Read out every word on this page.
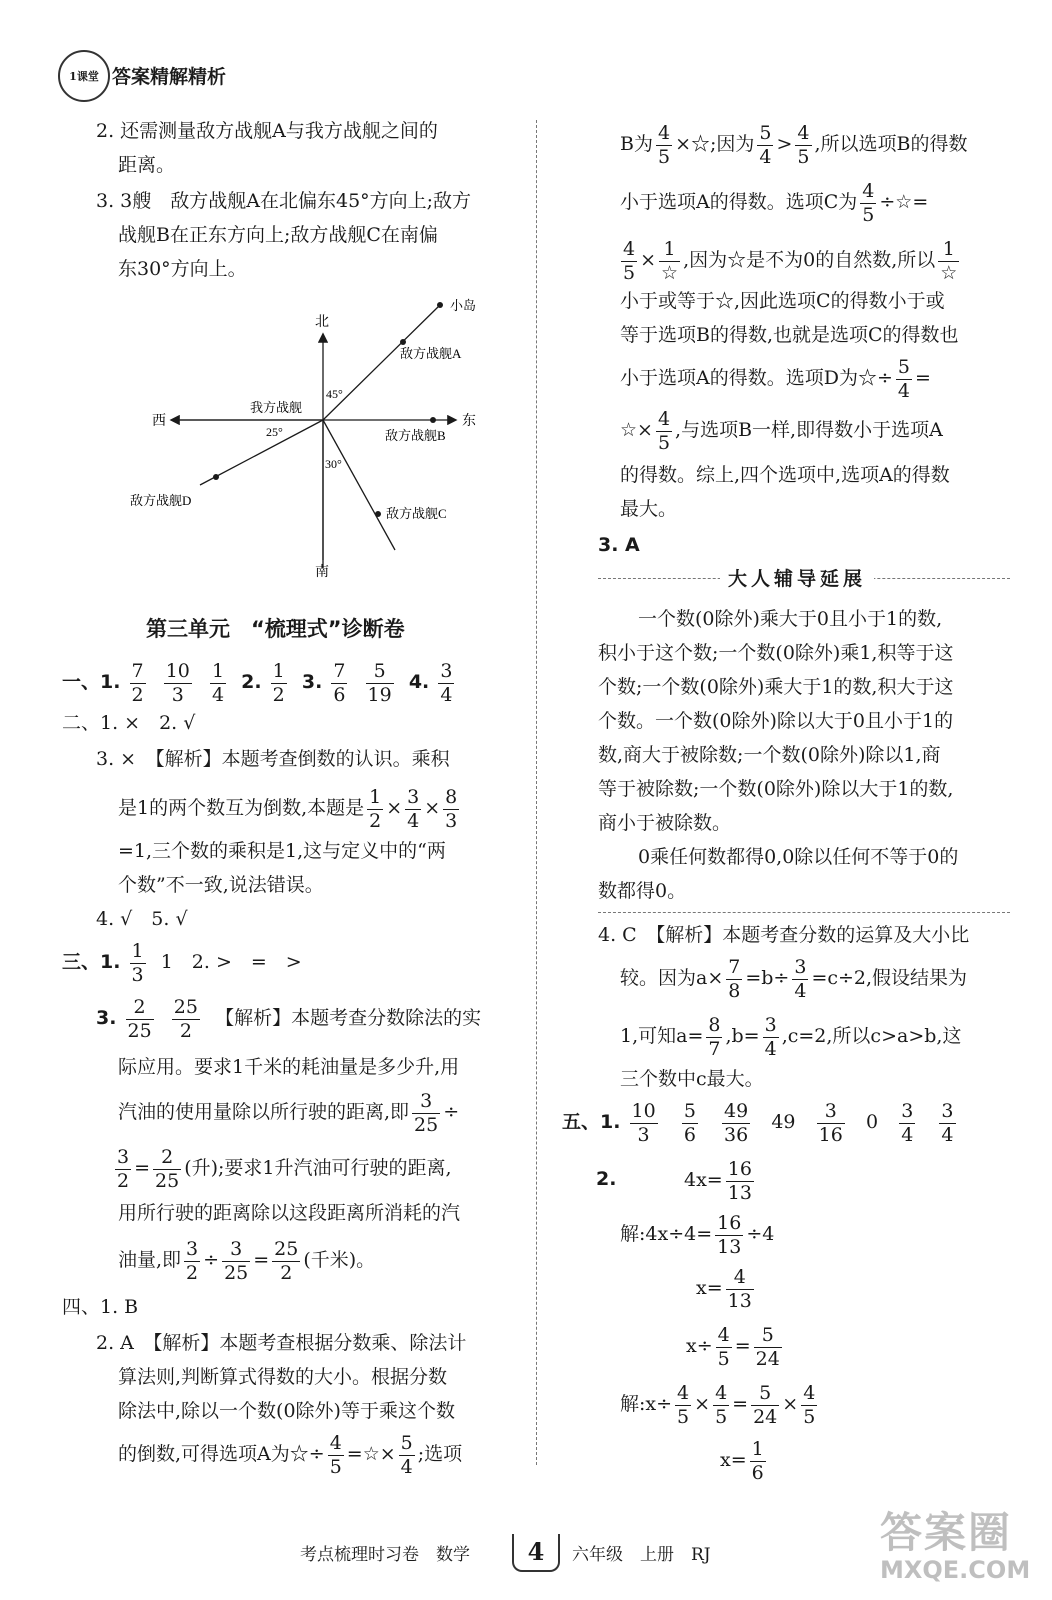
1课堂 答案精解精析
2. 还需测量敌方战舰A与我方战舰之间的
距离。
3. 3艘　敌方战舰A在北偏东45°方向上;敌方
战舰B在正东方向上;敌方战舰C在南偏
东30°方向上。
北
南
东
西
小岛
敌方战舰A
敌方战舰B
敌方战舰C
敌方战舰D
我方战舰
45°
25°
30°
第三单元　“梳理式”诊断卷
一、1. $\frac{7}{2}$
$\frac{10}{3}$
$\frac{1}{4} 2$. $\frac{1}{2} 3$. $\frac{7}{6}$
$\frac{5}{19} 4$. $\frac{3}{4}$
二、1. ×　2. √
3. ×　【解析】本题考查倒数的认识。乘积
是1的两个数互为倒数,本题是 $\frac{1}{2} \times \frac{3}{4} \times \frac{8}{3}$
=1,三个数的乘积是1,这与定义中的“两
个数”不一致,说法错误。
4. √　5. √
三、1. $\frac{1}{3} 1$　2. >　=　>
3. $\frac{2}{25}$
$\frac{25}{2}$ 【解析】本题考查分数除法的实
际应用。要求1千米的耗油量是多少升,用
汽油的使用量除以所行驶的距离,即 $\frac{3}{25}$ ÷
$\frac{3}{2} = \frac{2}{25}$ (升);要求1升汽油可行驶的距离,
用所行驶的距离除以这段距离所消耗的汽
油量,即 $\frac{3}{2} \div \frac{3}{25} = \frac{25}{2}$ (千米)。
四、1. B
2. A　【解析】本题考查根据分数乘、除法计
算法则,判断算式得数的大小。根据分数
除法中,除以一个数(0除外)等于乘这个数
的倒数,可得选项A为☆÷ $\frac{4}{5}$ =☆× $\frac{5}{4}$ ;选项
B为 $\frac{4}{5}$ ×☆;因为 $\frac{5}{4} > \frac{4}{5}$ ,所以选项B的得数
小于选项A的得数。选项C为 $\frac{4}{5}$ ÷☆=
$\frac{4}{5} \times \frac{1}{☆}$ ,因为☆是不为0的自然数,所以 $\frac{1}{☆}$
小于或等于☆,因此选项C的得数小于或
等于选项B的得数,也就是选项C的得数也
小于选项A的得数。选项D为☆÷ $\frac{5}{4}$ =
☆× $\frac{4}{5}$ ,与选项B一样,即得数小于选项A
的得数。综上,四个选项中,选项A的得数
最大。
3. A
大人辅导延展
一个数(0除外)乘大于0且小于1的数,
积小于这个数;一个数(0除外)乘1,积等于这
个数;一个数(0除外)乘大于1的数,积大于这
个数。一个数(0除外)除以大于0且小于1的
数,商大于被除数;一个数(0除外)除以1,商
等于被除数;一个数(0除外)除以大于1的数,
商小于被除数。
0乘任何数都得0,0除以任何不等于0的
数都得0。
4. C　【解析】本题考查分数的运算及大小比
较。因为$a\times \frac{7}{8} =b\div \frac{3}{4} =c\div 2$,假设结果为
1,可知$a= \frac{8}{7} ,b= \frac{3}{4} ,c=2$,所以c>a>b,这
三个数中c最大。
五、1. $\frac{10}{3}$
$\frac{5}{6}$
$\frac{49}{36} 49 \frac{3}{16} 0 \frac{3}{4}$
$\frac{3}{4}$
2.	$4x= \frac{16}{13}$
解:4x÷4= $\frac{16}{13} \div 4$
$x= \frac{4}{13}$
$x\div \frac{4}{5} = \frac{5}{24}$
解:x÷ $\frac{4}{5} \times \frac{4}{5} = \frac{5}{24} \times \frac{4}{5}$
$x= \frac{1}{6}$
考点梳理时习卷　数学	4	六年级　上册　RJ	答案圈
MXQE.COM
